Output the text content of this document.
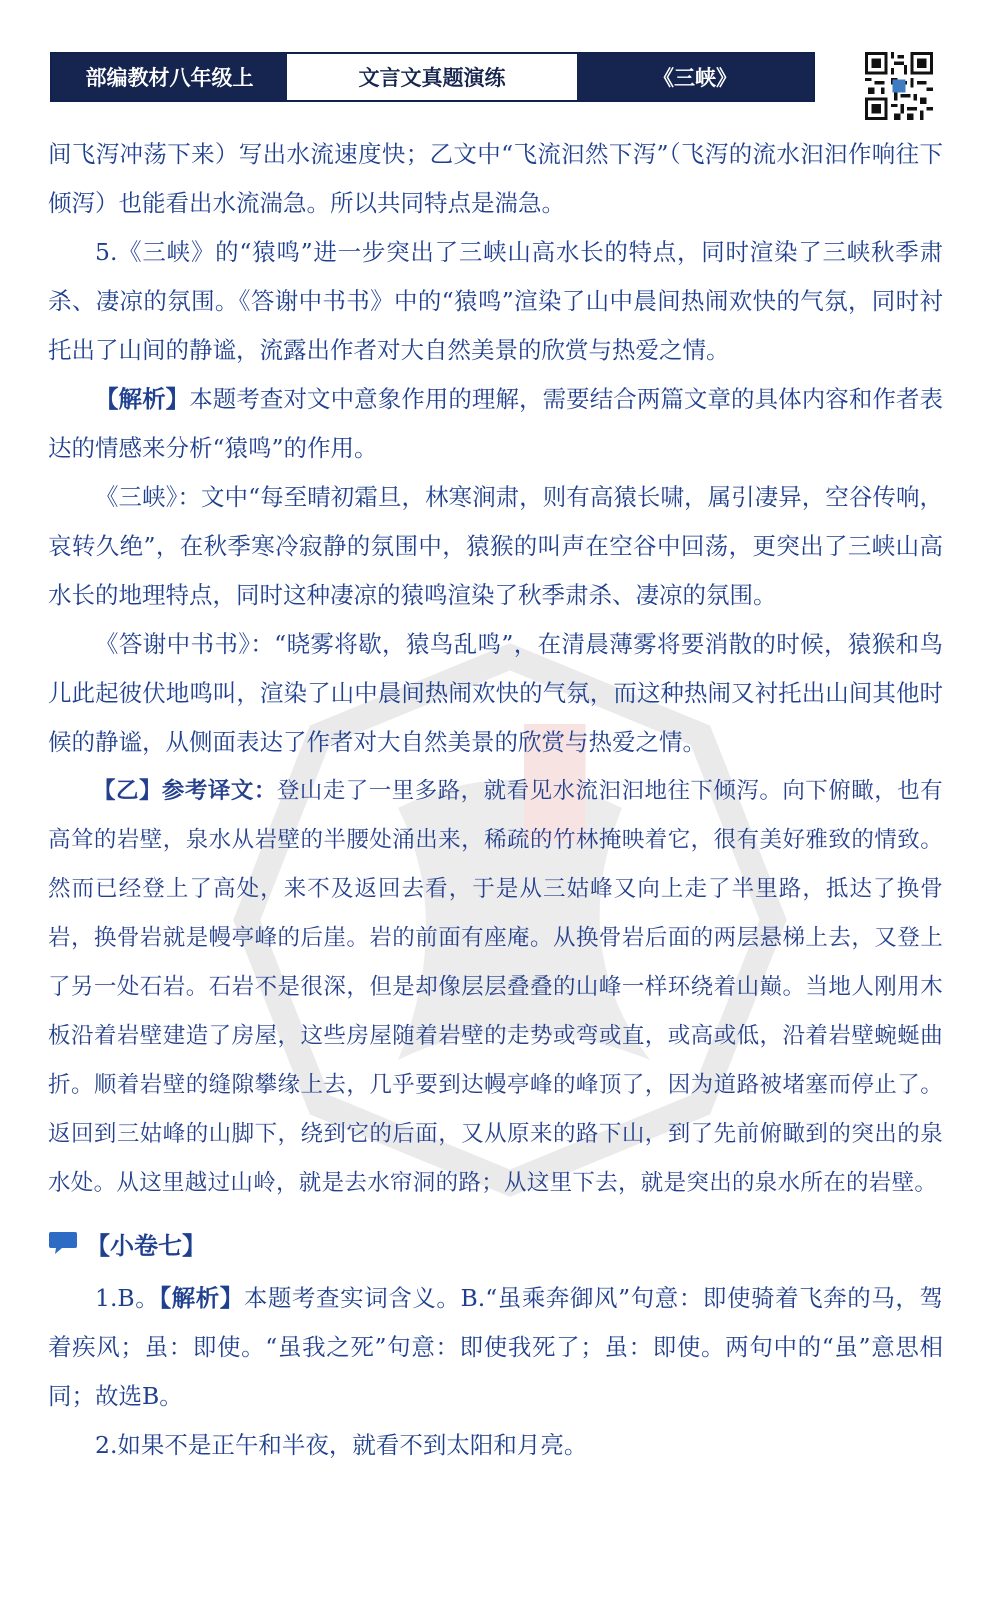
部编教材八年级上	文言文真题演练	《三峡》

间飞泻冲荡下来）写出水流速度快；乙文中“飞流汩然下泻”（飞泻的流水汩汩作响往下倾泻）也能看出水流湍急。所以共同特点是湍急。

5.《三峡》的“猿鸣”进一步突出了三峡山高水长的特点，同时渲染了三峡秋季肃杀、凄凉的氛围。《答谢中书书》中的“猿鸣”渲染了山中晨间热闹欢快的气氛，同时衬托出了山间的静谧，流露出作者对大自然美景的欣赏与热爱之情。

【解析】本题考查对文中意象作用的理解，需要结合两篇文章的具体内容和作者表达的情感来分析“猿鸣”的作用。

《三峡》：文中“每至晴初霜旦，林寒涧肃，则有高猿长啸，属引凄异，空谷传响，哀转久绝”，在秋季寒冷寂静的氛围中，猿猴的叫声在空谷中回荡，更突出了三峡山高水长的地理特点，同时这种凄凉的猿鸣渲染了秋季肃杀、凄凉的氛围。

《答谢中书书》：“晓雾将歇，猿鸟乱鸣”，在清晨薄雾将要消散的时候，猿猴和鸟儿此起彼伏地鸣叫，渲染了山中晨间热闹欢快的气氛，而这种热闹又衬托出山间其他时候的静谧，从侧面表达了作者对大自然美景的欣赏与热爱之情。

【乙】参考译文：登山走了一里多路，就看见水流汩汩地往下倾泻。向下俯瞰，也有高耸的岩壁，泉水从岩壁的半腰处涌出来，稀疏的竹林掩映着它，很有美好雅致的情致。然而已经登上了高处，来不及返回去看，于是从三姑峰又向上走了半里路，抵达了换骨岩，换骨岩就是幔亭峰的后崖。岩的前面有座庵。从换骨岩后面的两层悬梯上去，又登上了另一处石岩。石岩不是很深，但是却像层层叠叠的山峰一样环绕着山巅。当地人刚用木板沿着岩壁建造了房屋，这些房屋随着岩壁的走势或弯或直，或高或低，沿着岩壁蜿蜒曲折。顺着岩壁的缝隙攀缘上去，几乎要到达幔亭峰的峰顶了，因为道路被堵塞而停止了。返回到三姑峰的山脚下，绕到它的后面，又从原来的路下山，到了先前俯瞰到的突出的泉水处。从这里越过山岭，就是去水帘洞的路；从这里下去，就是突出的泉水所在的岩壁。

【小卷七】

1.B。【解析】本题考查实词含义。B.“虽乘奔御风”句意：即使骑着飞奔的马，驾着疾风；虽：即使。“虽我之死”句意：即使我死了；虽：即使。两句中的“虽”意思相同；故选B。

2.如果不是正午和半夜，就看不到太阳和月亮。
